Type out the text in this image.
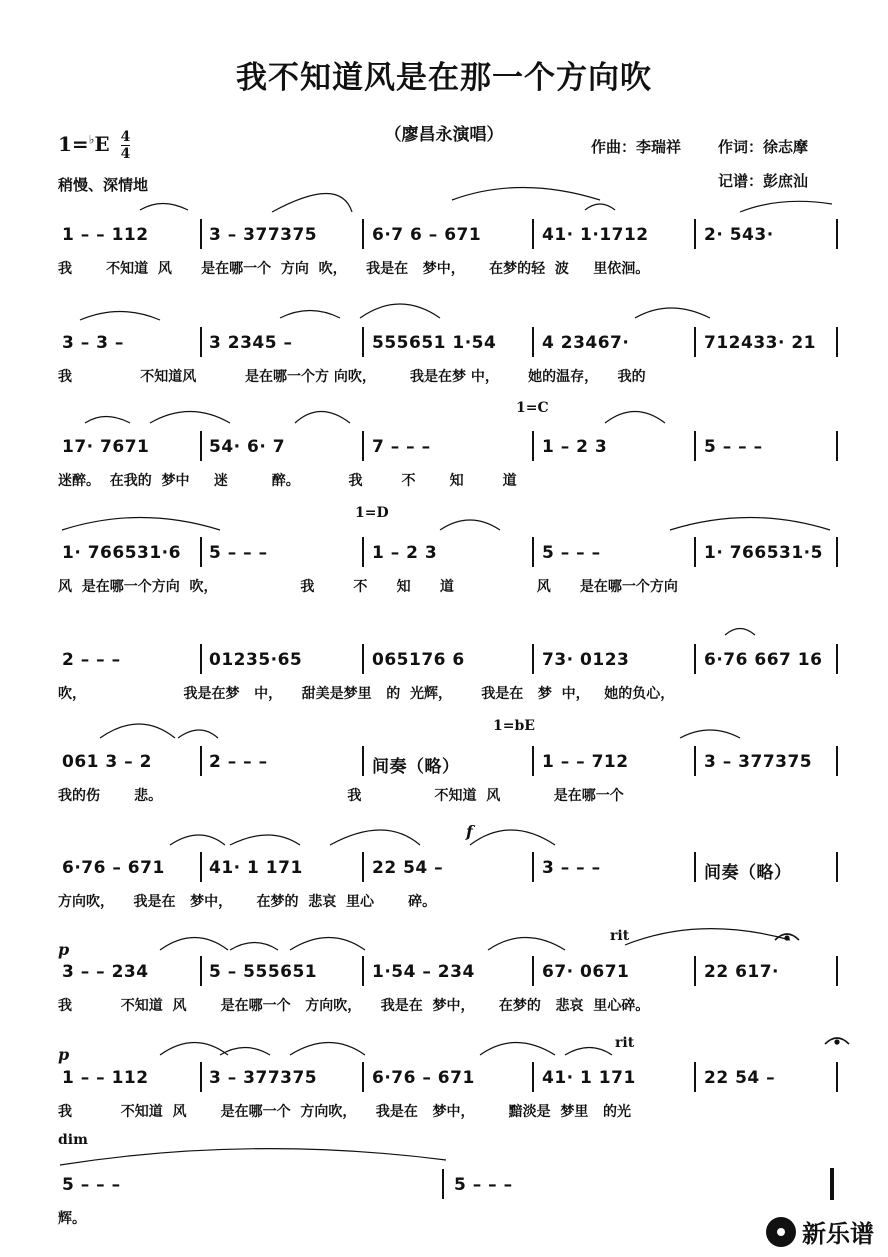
我不知道风是在那一个方向吹
（廖昌永演唱）
作曲：李瑞祥 作词：徐志摩
记谱：彭庶汕
$1=^♭E \frac{4}{4}$
稍慢、深情地
1 – – 112	3 – 377375	6·7 6 – 671	41· 1·1712	2· 543·
我       不知道  风      是在哪一个  方向  吹，    我是在   梦中，     在梦的轻  波     里依洄。
3 – 3 –	3 2345 –	555651 1·54	4 23467·	712433· 21
我              不知道风          是在哪一个方 向吹，       我是在梦 中，      她的温存，    我的
17· 7671	54· 6· 7	7 – – –	1 – 2 3	5 – – –
迷醉。  在我的  梦中     迷         醉。          我        不       知        道
1=C
1· 766531·6 5 – – –	1 – 2 3	5 – – –	1· 766531·5
风  是在哪一个方向  吹，                 我        不      知      道                 风      是在哪一个方向
1=D
2 – – –	01235·65	065176 6	73· 0123	6·76 667 16
吹，                    我是在梦   中，    甜美是梦里   的  光辉，      我是在   梦  中，   她的负心，
061 3 – 2	2 – – –	间奏（略）	1 – – 712	3 – 377375
我的伤       悲。                                      我               不知道  风           是在哪一个
1=bE
6·76 – 671	41· 1 171	22 54 –	3 – – –	间奏（略）
方向吹，    我是在   梦中，     在梦的  悲哀  里心       碎。
f
3 – – 234	5 – 555651	1·54 – 234	67· 0671	22 617·
我          不知道  风       是在哪一个   方向吹，    我是在  梦中，     在梦的   悲哀  里心碎。
p
rit
1 – – 112	3 – 377375	6·76 – 671	41· 1 171	22 54 –
我          不知道  风       是在哪一个  方向吹，    我是在   梦中，       黯淡是  梦里   的光
p
rit
5 – – –	5 – – –
辉。
dim
新乐谱
